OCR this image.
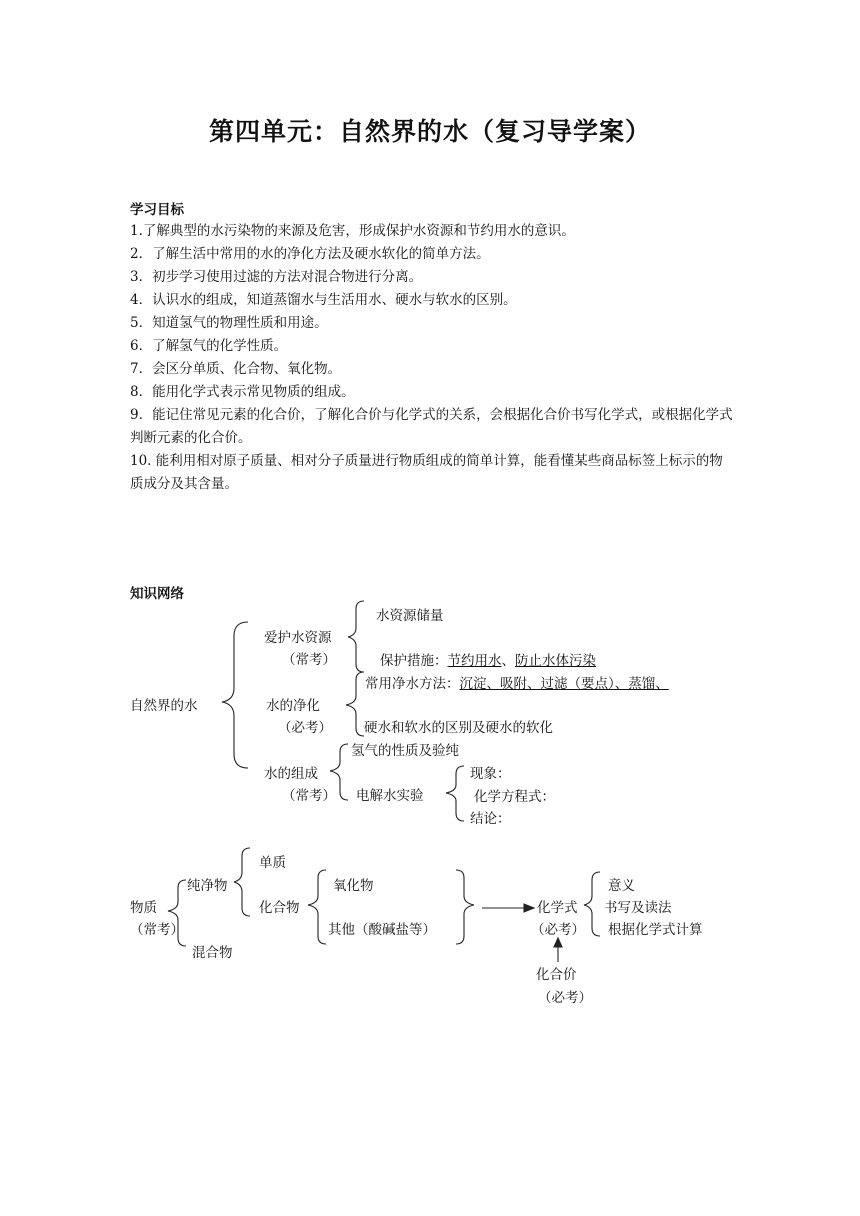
第四单元：自然界的水（复习导学案）
学习目标
1.了解典型的水污染物的来源及危害，形成保护水资源和节约用水的意识。
2．了解生活中常用的水的净化方法及硬水软化的简单方法。
3．初步学习使用过滤的方法对混合物进行分离。
4．认识水的组成，知道蒸馏水与生活用水、硬水与软水的区别。
5．知道氢气的物理性质和用途。
6．了解氢气的化学性质。
7．会区分单质、化合物、氧化物。
8．能用化学式表示常见物质的组成。
9．能记住常见元素的化合价，了解化合价与化学式的关系，会根据化合价书写化学式，或根据化学式判断元素的化合价。
10. 能利用相对原子质量、相对分子质量进行物质组成的简单计算，能看懂某些商品标签上标示的物质成分及其含量。
知识网络
自然界的水
爱护水资源
（常考）
水资源储量
保护措施：节约用水、防止水体污染
水的净化
（必考）
常用净水方法：沉淀、吸附、过滤（要点）、蒸馏、
硬水和软水的区别及硬水的软化
水的组成
（常考）
氢气的性质及验纯
电解水实验
现象：
化学方程式：
结论：
物质
（常考）
纯净物
混合物
单质
化合物
氧化物
其他（酸碱盐等）
化学式
（必考）
意义
书写及读法
根据化学式计算
化合价
（必考）
